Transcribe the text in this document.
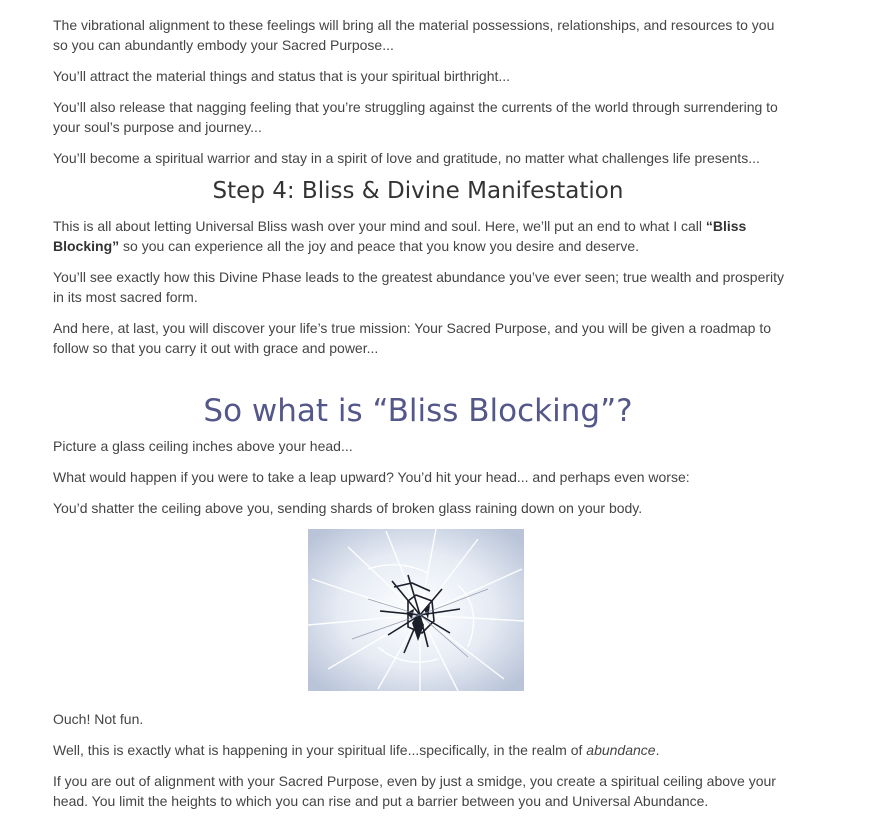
The vibrational alignment to these feelings will bring all the material possessions, relationships, and resources to you so you can abundantly embody your Sacred Purpose...

You’ll attract the material things and status that is your spiritual birthright...

You’ll also release that nagging feeling that you’re struggling against the currents of the world through surrendering to your soul’s purpose and journey...

You’ll become a spiritual warrior and stay in a spirit of love and gratitude, no matter what challenges life presents...

Step 4: Bliss & Divine Manifestation

This is all about letting Universal Bliss wash over your mind and soul. Here, we’ll put an end to what I call “Bliss Blocking” so you can experience all the joy and peace that you know you desire and deserve.

You’ll see exactly how this Divine Phase leads to the greatest abundance you’ve ever seen; true wealth and prosperity in its most sacred form.

And here, at last, you will discover your life’s true mission: Your Sacred Purpose, and you will be given a roadmap to follow so that you carry it out with grace and power...

So what is “Bliss Blocking”?

Picture a glass ceiling inches above your head...

What would happen if you were to take a leap upward? You’d hit your head... and perhaps even worse:

You’d shatter the ceiling above you, sending shards of broken glass raining down on your body.

Ouch! Not fun.

Well, this is exactly what is happening in your spiritual life...specifically, in the realm of abundance.

If you are out of alignment with your Sacred Purpose, even by just a smidge, you create a spiritual ceiling above your head. You limit the heights to which you can rise and put a barrier between you and Universal Abundance.
